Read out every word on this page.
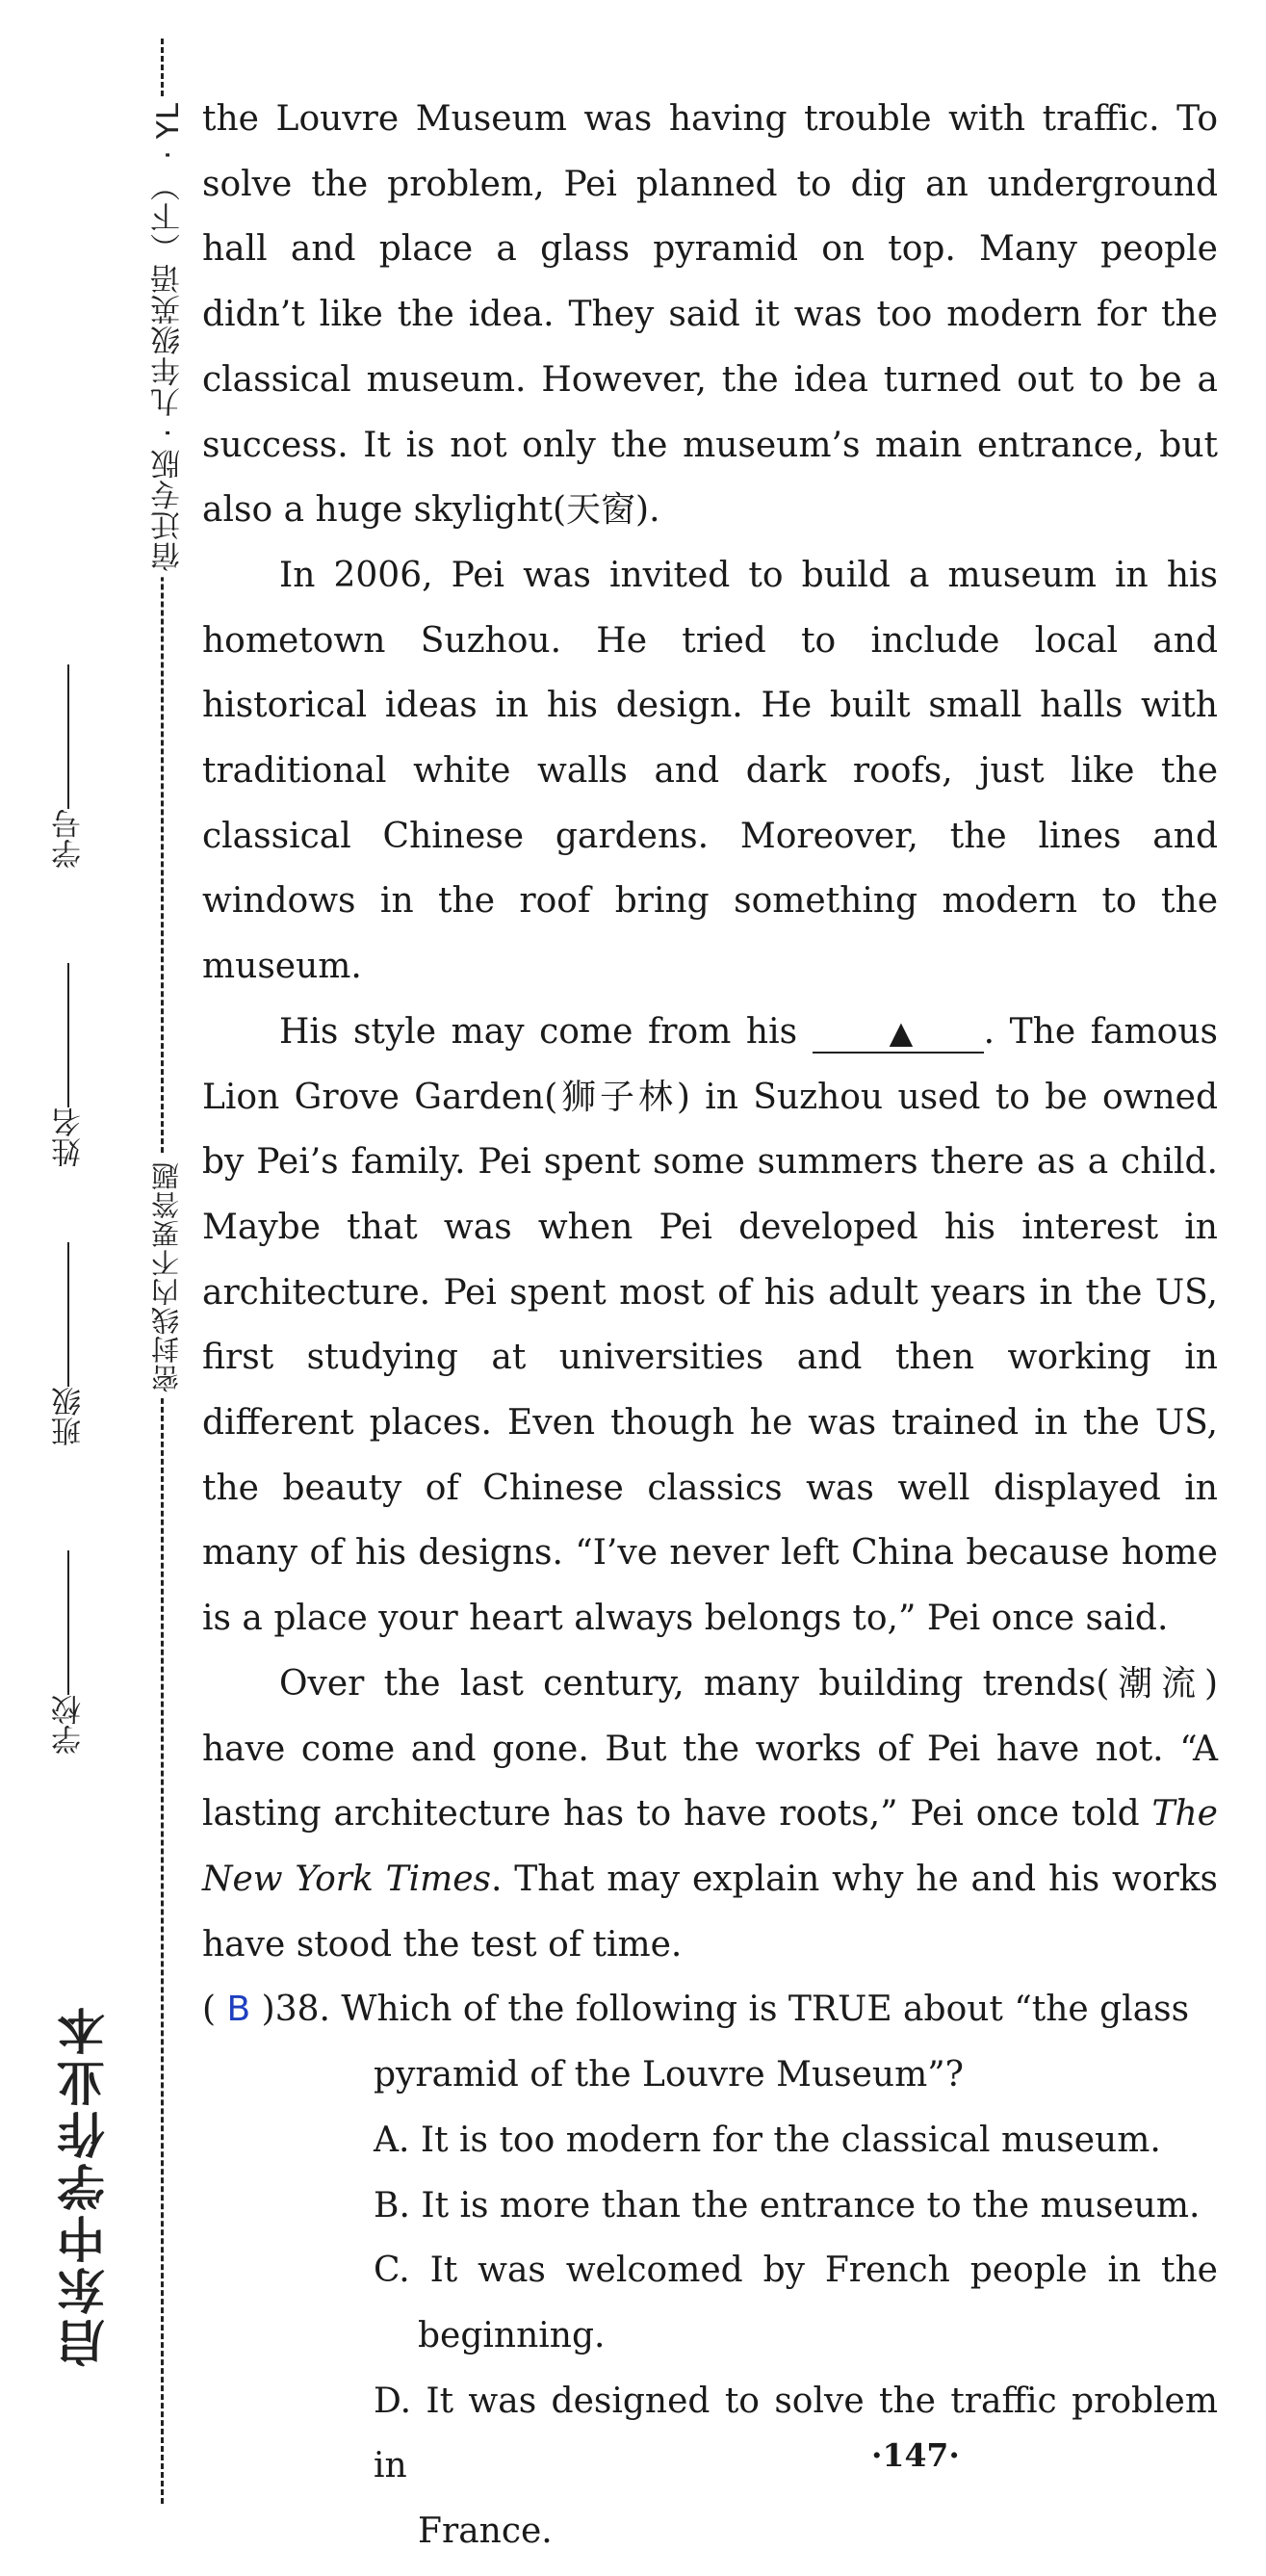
宿迁专版 · 九年级英语（下） · YL
密封线内不要答题
启东中学作业本
学号
姓名
班级
学校

the Louvre Museum was having trouble with traffic. To solve the problem, Pei planned to dig an underground hall and place a glass pyramid on top. Many people didn’t like the idea. They said it was too modern for the classical museum. However, the idea turned out to be a success. It is not only the museum’s main entrance, but also a huge skylight(天窗).

In 2006, Pei was invited to build a museum in his hometown Suzhou. He tried to include local and historical ideas in his design. He built small halls with traditional white walls and dark roofs, just like the classical Chinese gardens. Moreover, the lines and windows in the roof bring something modern to the museum.

His style may come from his	▲ . The famous Lion Grove Garden(狮子林) in Suzhou used to be owned by Pei’s family. Pei spent some summers there as a child. Maybe that was when Pei developed his interest in architecture. Pei spent most of his adult years in the US, first studying at universities and then working in different places. Even though he was trained in the US, the beauty of Chinese classics was well displayed in many of his designs. “I’ve never left China because home is a place your heart always belongs to,” Pei once said.

Over the last century, many building trends(潮流) have come and gone. But the works of Pei have not. “A lasting architecture has to have roots,” Pei once told The New York Times. That may explain why he and his works have stood the test of time.

( B )38. Which of the following is TRUE about “the glass
pyramid of the Louvre Museum”?
A. It is too modern for the classical museum.
B. It is more than the entrance to the museum.
C. It was welcomed by French people in the
beginning.
D. It was designed to solve the traffic problem in
France.
·147·
